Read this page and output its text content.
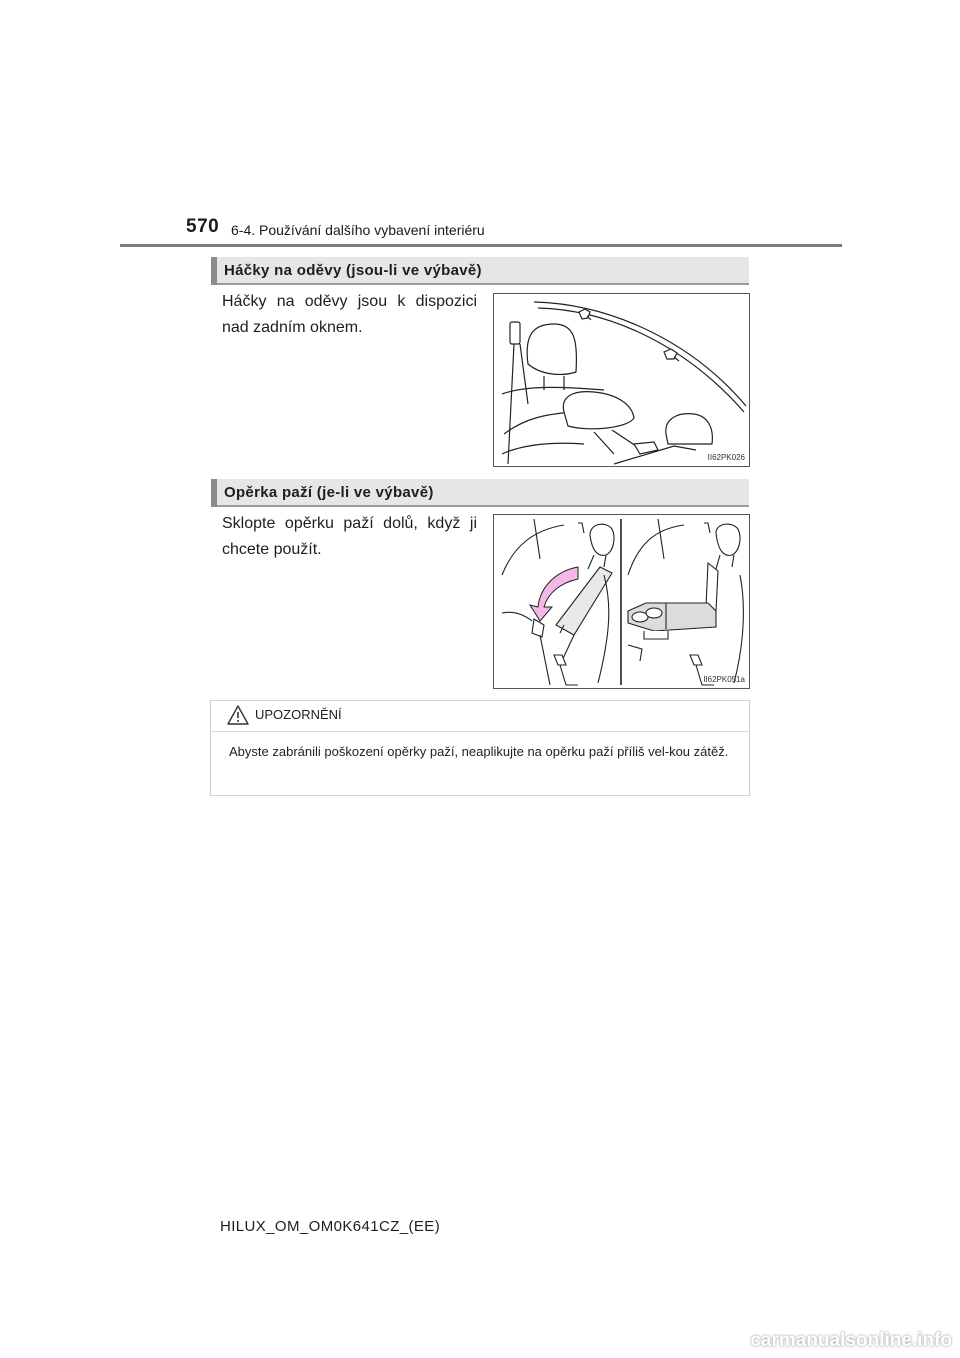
570 6-4. Používání dalšího vybavení interiéru
Háčky na oděvy (jsou-li ve výbavě)
Háčky na oděvy jsou k dispozici nad zadním oknem.
II62PK026
Opěrka paží (je-li ve výbavě)
Sklopte opěrku paží dolů, když ji chcete použít.
II62PK051a
UPOZORNĚNÍ
Abyste zabránili poškození opěrky paží, neaplikujte na opěrku paží příliš vel-kou zátěž.
HILUX_OM_OM0K641CZ_(EE)
carmanualsonline.info
